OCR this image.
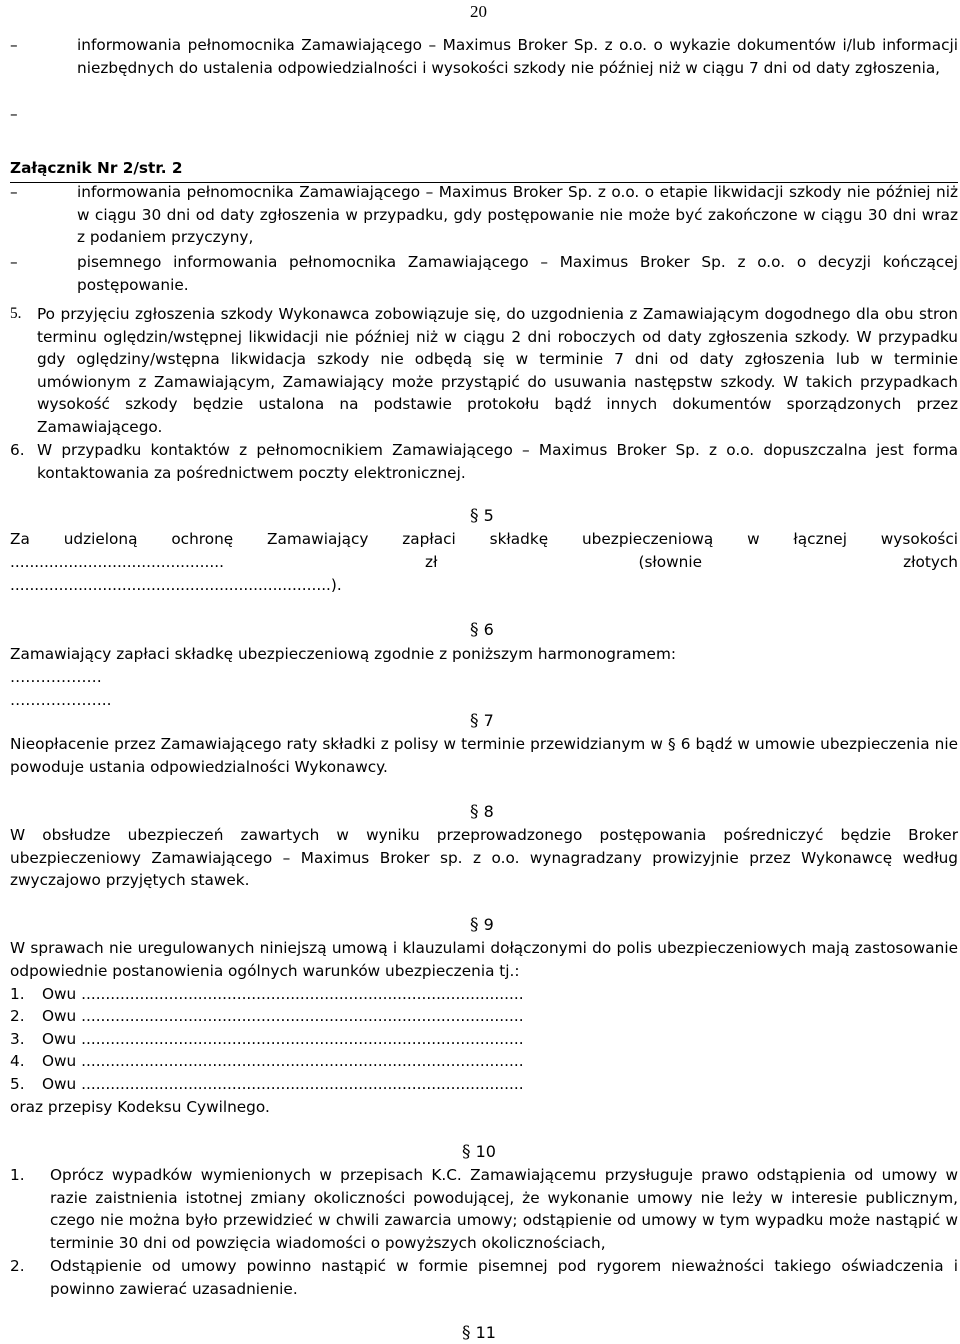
20
–	informowania pełnomocnika Zamawiającego – Maximus Broker Sp. z o.o. o wykazie dokumentów i/lub informacji niezbędnych do ustalenia odpowiedzialności i wysokości szkody nie później niż w ciągu 7 dni od daty zgłoszenia,
–
Załącznik Nr 2/str. 2
–	informowania pełnomocnika Zamawiającego – Maximus Broker Sp. z o.o. o etapie likwidacji szkody nie później niż w ciągu 30 dni od daty zgłoszenia w przypadku, gdy postępowanie nie może być zakończone w ciągu 30 dni wraz z podaniem przyczyny,
–	pisemnego informowania pełnomocnika Zamawiającego – Maximus Broker Sp. z o.o. o decyzji kończącej postępowanie.
5. Po przyjęciu zgłoszenia szkody Wykonawca zobowiązuje się, do uzgodnienia z Zamawiającym dogodnego dla obu stron terminu oględzin/wstępnej likwidacji nie później niż w ciągu 2 dni roboczych od daty zgłoszenia szkody. W przypadku gdy oględziny/wstępna likwidacja szkody nie odbędą się w terminie 7 dni od daty zgłoszenia lub w terminie umówionym z Zamawiającym, Zamawiający może przystąpić do usuwania następstw szkody. W takich przypadkach wysokość szkody będzie ustalona na podstawie protokołu bądź innych dokumentów sporządzonych przez Zamawiającego.
6. W przypadku kontaktów z pełnomocnikiem Zamawiającego – Maximus Broker Sp. z o.o. dopuszczalna jest forma kontaktowania za pośrednictwem poczty elektronicznej.
§ 5
Za udzieloną ochronę Zamawiający zapłaci składkę ubezpieczeniową w łącznej wysokości
............................................ zł (słownie złotych
..................................................................).
§ 6
Zamawiający zapłaci składkę ubezpieczeniową zgodnie z poniższym harmonogramem:
………………
………………..
§ 7
Nieopłacenie przez Zamawiającego raty składki z polisy w terminie przewidzianym w § 6 bądź w umowie ubezpieczenia nie powoduje ustania odpowiedzialności Wykonawcy.
§ 8
W obsłudze ubezpieczeń zawartych w wyniku przeprowadzonego postępowania pośredniczyć będzie Broker ubezpieczeniowy Zamawiającego – Maximus Broker sp. z o.o. wynagradzany prowizyjnie przez Wykonawcę według zwyczajowo przyjętych stawek.
§ 9
W sprawach nie uregulowanych niniejszą umową i klauzulami dołączonymi do polis ubezpieczeniowych mają zastosowanie odpowiednie postanowienia ogólnych warunków ubezpieczenia tj.:
1. Owu ...........................................................................................
2. Owu ...........................................................................................
3. Owu ...........................................................................................
4. Owu ...........................................................................................
5. Owu ...........................................................................................
oraz przepisy Kodeksu Cywilnego.
§ 10
1. Oprócz wypadków wymienionych w przepisach K.C. Zamawiającemu przysługuje prawo odstąpienia od umowy w razie zaistnienia istotnej zmiany okoliczności powodującej, że wykonanie umowy nie leży w interesie publicznym, czego nie można było przewidzieć w chwili zawarcia umowy; odstąpienie od umowy w tym wypadku może nastąpić w terminie 30 dni od powzięcia wiadomości o powyższych okolicznościach,
2. Odstąpienie od umowy powinno nastąpić w formie pisemnej pod rygorem nieważności takiego oświadczenia i powinno zawierać uzasadnienie.
§ 11
